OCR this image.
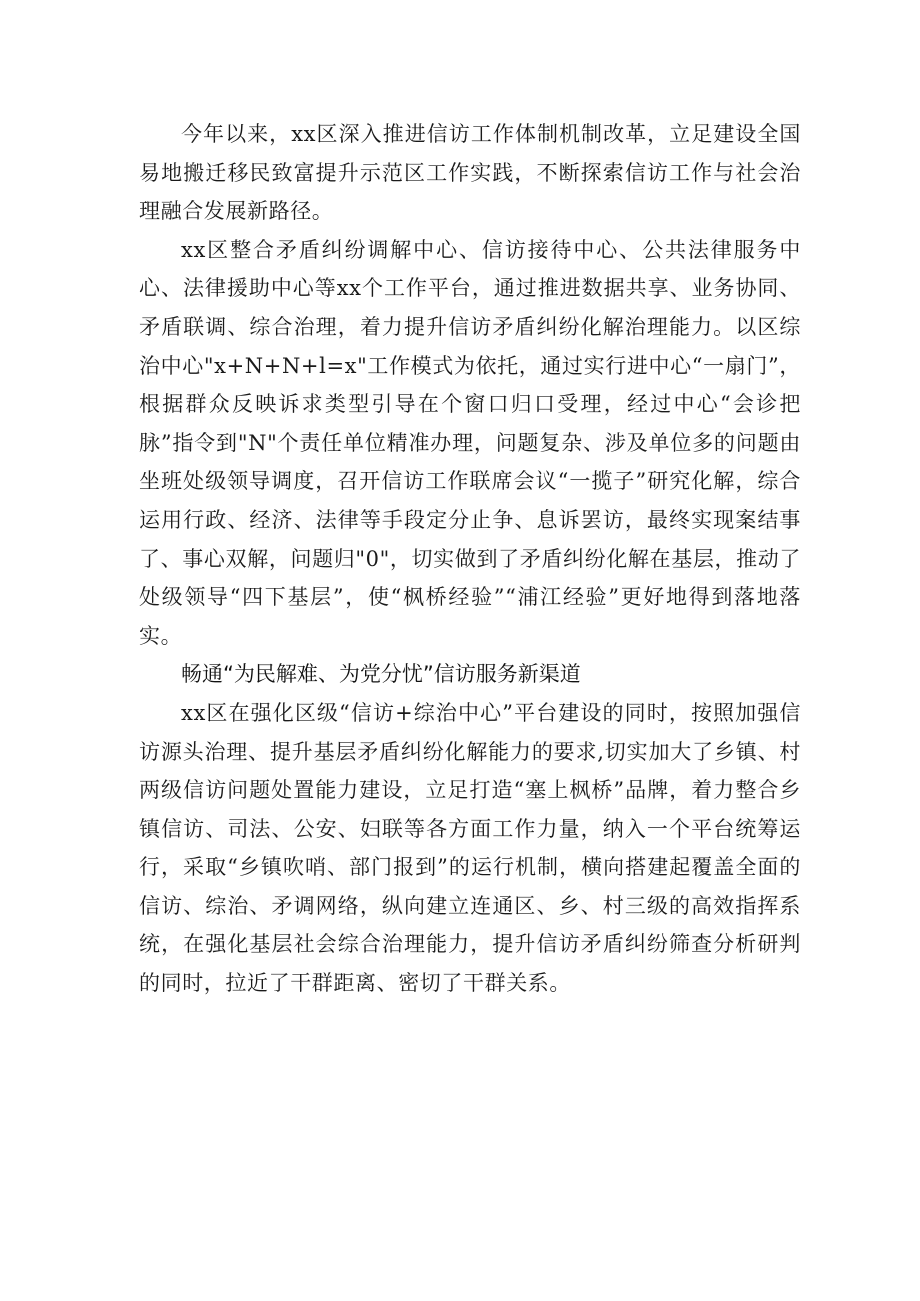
今年以来，xx区深入推进信访工作体制机制改革，立足建设全国易地搬迁移民致富提升示范区工作实践，不断探索信访工作与社会治理融合发展新路径。

xx区整合矛盾纠纷调解中心、信访接待中心、公共法律服务中心、法律援助中心等xx个工作平台，通过推进数据共享、业务协同、矛盾联调、综合治理，着力提升信访矛盾纠纷化解治理能力。以区综治中心"x+N+N+l=x"工作模式为依托，通过实行进中心“一扇门”，根据群众反映诉求类型引导在个窗口归口受理，经过中心“会诊把脉”指令到"N"个责任单位精准办理，问题复杂、涉及单位多的问题由坐班处级领导调度，召开信访工作联席会议“一揽子”研究化解，综合运用行政、经济、法律等手段定分止争、息诉罢访，最终实现案结事了、事心双解，问题归"0"，切实做到了矛盾纠纷化解在基层，推动了处级领导“四下基层”，使“枫桥经验”“浦江经验”更好地得到落地落实。

畅通“为民解难、为党分忧”信访服务新渠道

xx区在强化区级“信访+综治中心”平台建设的同时，按照加强信访源头治理、提升基层矛盾纠纷化解能力的要求,切实加大了乡镇、村两级信访问题处置能力建设，立足打造“塞上枫桥”品牌，着力整合乡镇信访、司法、公安、妇联等各方面工作力量，纳入一个平台统筹运行，采取“乡镇吹哨、部门报到”的运行机制，横向搭建起覆盖全面的信访、综治、矛调网络，纵向建立连通区、乡、村三级的高效指挥系统，在强化基层社会综合治理能力，提升信访矛盾纠纷筛查分析研判的同时，拉近了干群距离、密切了干群关系。
